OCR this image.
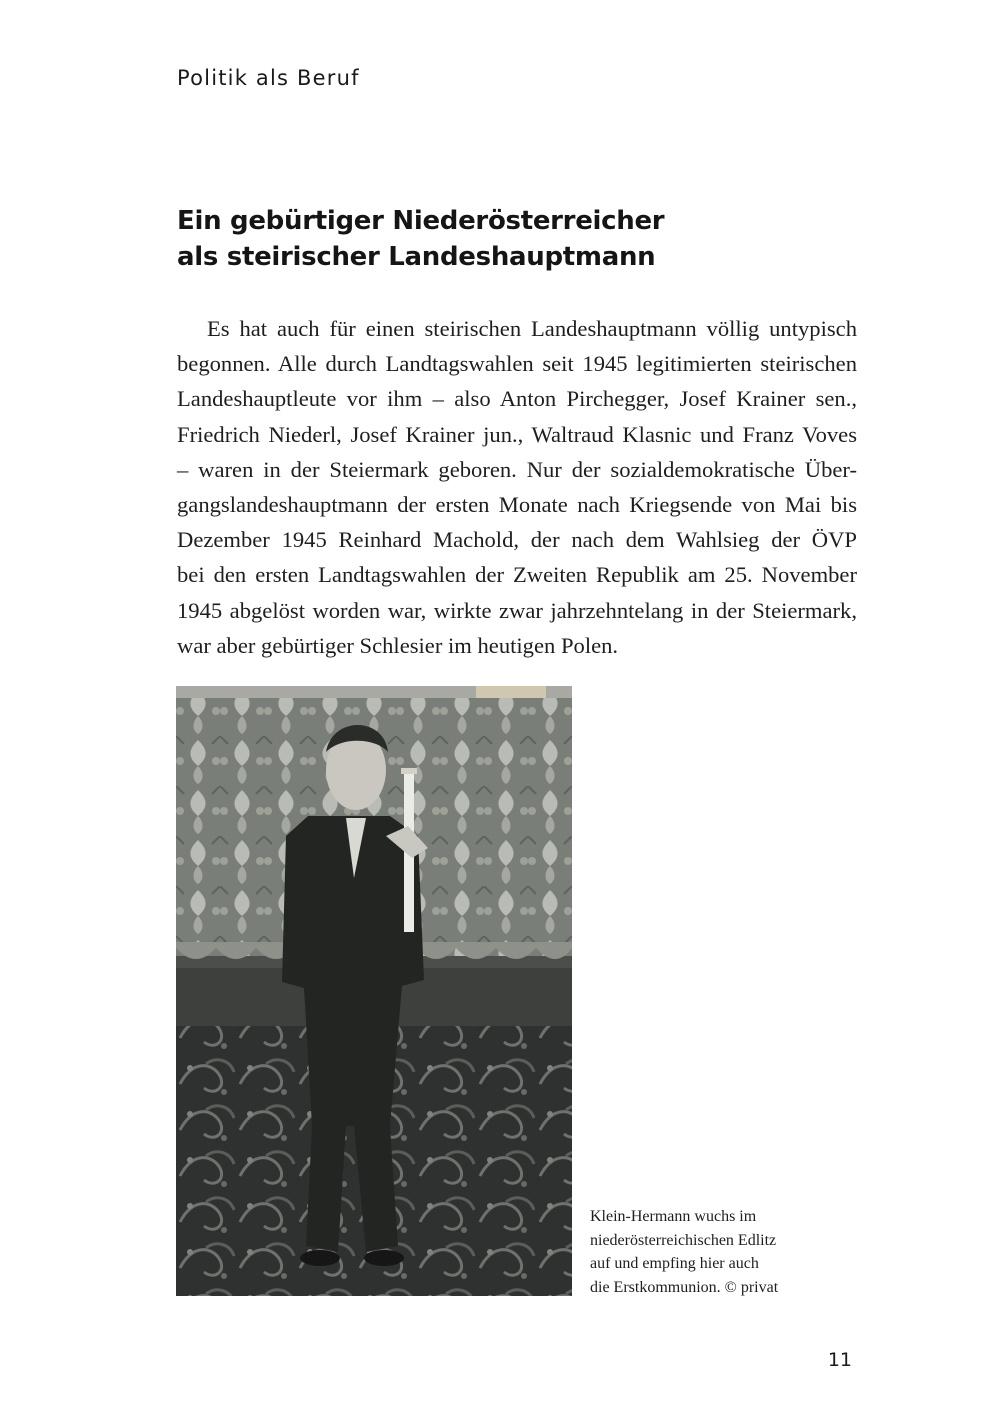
Politik als Beruf
Ein gebürtiger Niederösterreicher
als steirischer Landeshauptmann

Es hat auch für einen steirischen Landeshauptmann völlig untypisch
begonnen. Alle durch Landtagswahlen seit 1945 legitimierten steirischen
Landeshauptleute vor ihm – also Anton Pirchegger, Josef Krainer sen.,
Friedrich Niederl, Josef Krainer jun., Waltraud Klasnic und Franz Voves
– waren in der Steiermark geboren. Nur der sozialdemokratische Über-
gangslandeshauptmann der ersten Monate nach Kriegsende von Mai bis
Dezember 1945 Reinhard Machold, der nach dem Wahlsieg der ÖVP
bei den ersten Landtagswahlen der Zweiten Republik am 25. November
1945 abgelöst worden war, wirkte zwar jahrzehntelang in der Steiermark,
war aber gebürtiger Schlesier im heutigen Polen.

Klein-Hermann wuchs im
niederösterreichischen Edlitz
auf und empfing hier auch
die Erstkommunion. © privat

11
